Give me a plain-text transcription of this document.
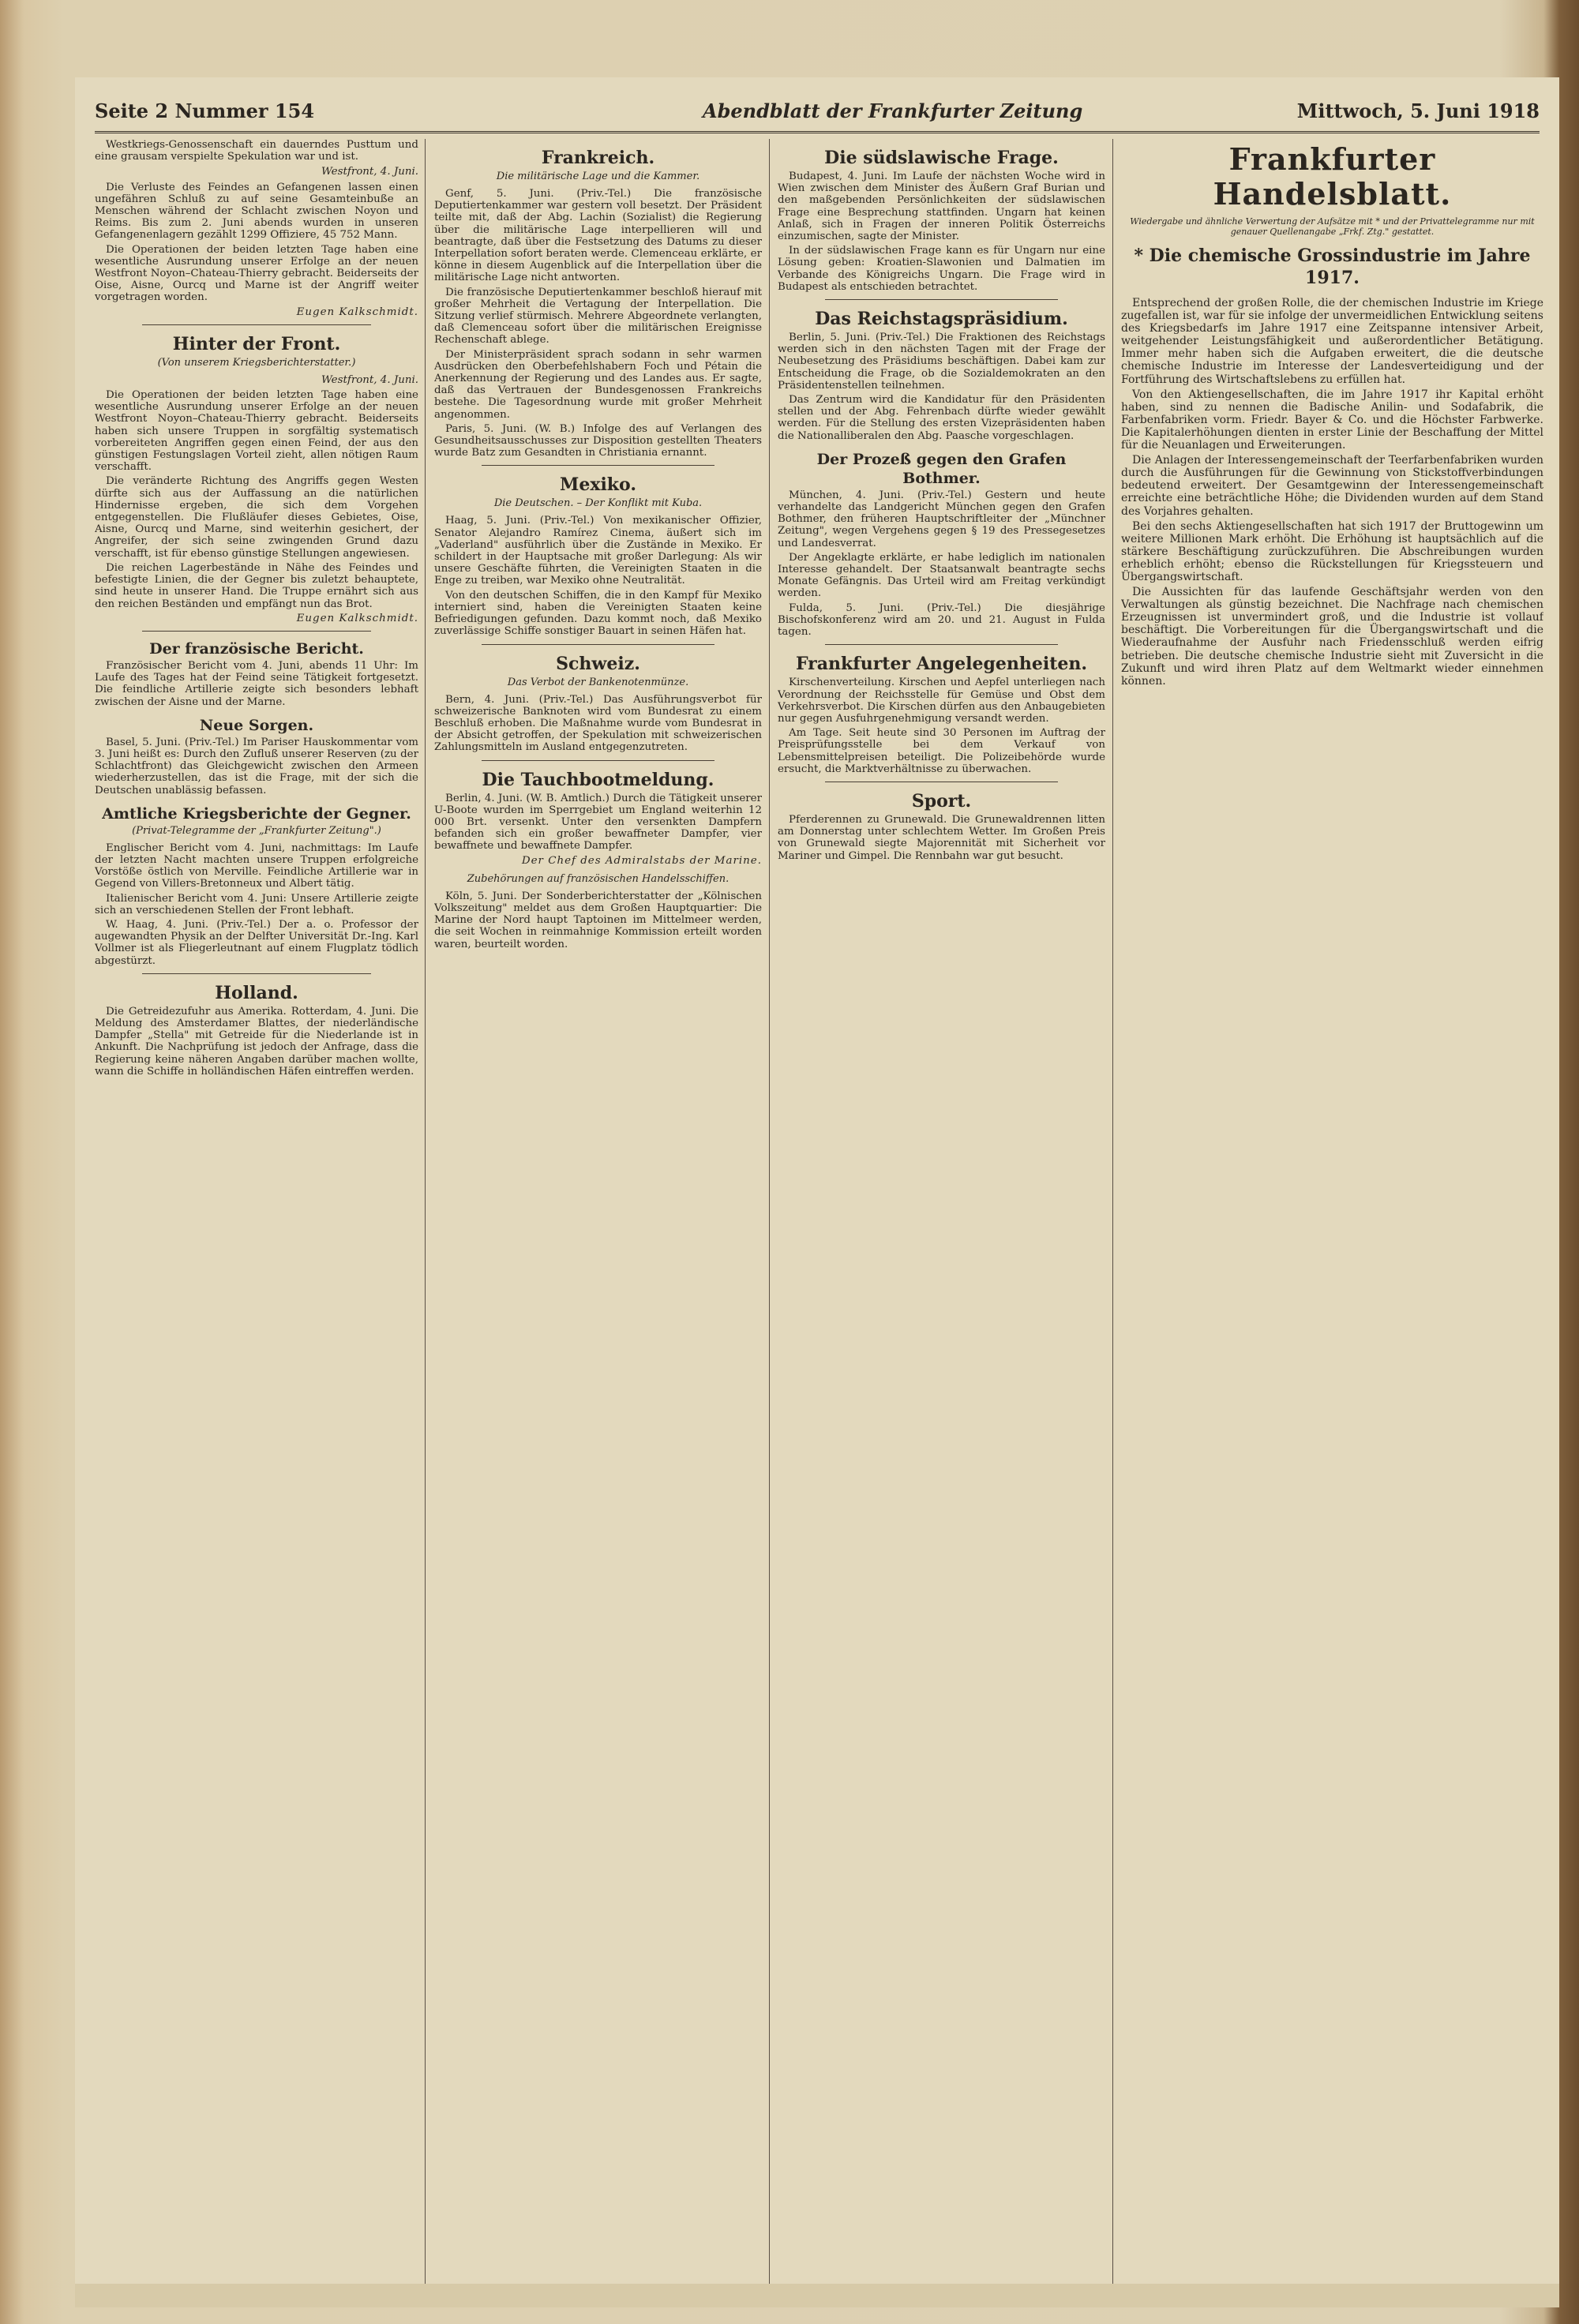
Seite 2 Nummer 154	Abendblatt der Frankfurter Zeitung	Mittwoch, 5. Juni 1918

Westkriegs-Genossenschaft ein dauerndes Pusttum und eine grausam verspielte Spekulation war und ist.

Westfront, 4. Juni.

Die Verluste des Feindes an Gefangenen lassen einen ungefähren Schluß zu auf seine Gesamteinbuße an Menschen während der Schlacht zwischen Noyon und Reims. Bis zum 2. Juni abends wurden in unseren Gefangenenlagern gezählt 1299 Offiziere, 45 752 Mann.

Die Operationen der beiden letzten Tage haben eine wesentliche Ausrundung unserer Erfolge an der neuen Westfront Noyon–Chateau-Thierry gebracht. Beiderseits der Oise, Aisne, Ourcq und Marne ist der Angriff weiter vorgetragen worden.

Eugen Kalkschmidt.
Hinter der Front.
(Von unserem Kriegsberichterstatter.)
Westfront, 4. Juni.

Die Operationen der beiden letzten Tage haben eine wesentliche Ausrundung unserer Erfolge an der neuen Westfront Noyon–Chateau-Thierry gebracht. Beiderseits haben sich unsere Truppen in sorgfältig systematisch vorbereiteten Angriffen gegen einen Feind, der aus den günstigen Festungslagen Vorteil zieht, allen nötigen Raum verschafft.

Die veränderte Richtung des Angriffs gegen Westen dürfte sich aus der Auffassung an die natürlichen Hindernisse ergeben, die sich dem Vorgehen entgegenstellen. Die Flußläufer dieses Gebietes, Oise, Aisne, Ourcq und Marne, sind weiterhin gesichert, der Angreifer, der sich seine zwingenden Grund dazu verschafft, ist für ebenso günstige Stellungen angewiesen.

Die reichen Lagerbestände in Nähe des Feindes und befestigte Linien, die der Gegner bis zuletzt behauptete, sind heute in unserer Hand. Die Truppe ernährt sich aus den reichen Beständen und empfängt nun das Brot.

Eugen Kalkschmidt.
Der französische Bericht.

Französischer Bericht vom 4. Juni, abends 11 Uhr: Im Laufe des Tages hat der Feind seine Tätigkeit fortgesetzt. Die feindliche Artillerie zeigte sich besonders lebhaft zwischen der Aisne und der Marne.

Neue Sorgen.

Basel, 5. Juni. (Priv.-Tel.) Im Pariser Hauskommentar vom 3. Juni heißt es: Durch den Zufluß unserer Reserven (zu der Schlachtfront) das Gleichgewicht zwischen den Armeen wiederherzustellen, das ist die Frage, mit der sich die Deutschen unablässig befassen.

Amtliche Kriegsberichte der Gegner.
(Privat-Telegramme der „Frankfurter Zeitung".)

Englischer Bericht vom 4. Juni, nachmittags: Im Laufe der letzten Nacht machten unsere Truppen erfolgreiche Vorstöße östlich von Merville. Feindliche Artillerie war in Gegend von Villers-Bretonneux und Albert tätig.

Italienischer Bericht vom 4. Juni: Unsere Artillerie zeigte sich an verschiedenen Stellen der Front lebhaft.

W. Haag, 4. Juni. (Priv.-Tel.) Der a. o. Professor der augewandten Physik an der Delfter Universität Dr.-Ing. Karl Vollmer ist als Fliegerleutnant auf einem Flugplatz tödlich abgestürzt.

Holland.

Die Getreidezufuhr aus Amerika. Rotterdam, 4. Juni. Die Meldung des Amsterdamer Blattes, der niederländische Dampfer „Stella" mit Getreide für die Niederlande ist in Ankunft. Die Nachprüfung ist jedoch der Anfrage, dass die Regierung keine näheren Angaben darüber machen wollte, wann die Schiffe in holländischen Häfen eintreffen werden.

Frankreich.
Die militärische Lage und die Kammer.

Genf, 5. Juni. (Priv.-Tel.) Die französische Deputiertenkammer war gestern voll besetzt. Der Präsident teilte mit, daß der Abg. Lachin (Sozialist) die Regierung über die militärische Lage interpellieren will und beantragte, daß über die Festsetzung des Datums zu dieser Interpellation sofort beraten werde. Clemenceau erklärte, er könne in diesem Augenblick auf die Interpellation über die militärische Lage nicht antworten.

Die französische Deputiertenkammer beschloß hierauf mit großer Mehrheit die Vertagung der Interpellation. Die Sitzung verlief stürmisch. Mehrere Abgeordnete verlangten, daß Clemenceau sofort über die militärischen Ereignisse Rechenschaft ablege.

Der Ministerpräsident sprach sodann in sehr warmen Ausdrücken den Oberbefehlshabern Foch und Pétain die Anerkennung der Regierung und des Landes aus. Er sagte, daß das Vertrauen der Bundesgenossen Frankreichs bestehe. Die Tagesordnung wurde mit großer Mehrheit angenommen.

Paris, 5. Juni. (W. B.) Infolge des auf Verlangen des Gesundheitsausschusses zur Disposition gestellten Theaters wurde Batz zum Gesandten in Christiania ernannt.

Mexiko.
Die Deutschen. – Der Konflikt mit Kuba.

Haag, 5. Juni. (Priv.-Tel.) Von mexikanischer Offizier, Senator Alejandro Ramírez Cinema, äußert sich im „Vaderland" ausführlich über die Zustände in Mexiko. Er schildert in der Hauptsache mit großer Darlegung: Als wir unsere Geschäfte führten, die Vereinigten Staaten in die Enge zu treiben, war Mexiko ohne Neutralität.

Von den deutschen Schiffen, die in den Kampf für Mexiko interniert sind, haben die Vereinigten Staaten keine Befriedigungen gefunden. Dazu kommt noch, daß Mexiko zuverlässige Schiffe sonstiger Bauart in seinen Häfen hat.

Schweiz.
Das Verbot der Bankenotenmünze.

Bern, 4. Juni. (Priv.-Tel.) Das Ausführungsverbot für schweizerische Banknoten wird vom Bundesrat zu einem Beschluß erhoben. Die Maßnahme wurde vom Bundesrat in der Absicht getroffen, der Spekulation mit schweizerischen Zahlungsmitteln im Ausland entgegenzutreten.

Die Tauchbootmeldung.

Berlin, 4. Juni. (W. B. Amtlich.) Durch die Tätigkeit unserer U-Boote wurden im Sperrgebiet um England weiterhin 12 000 Brt. versenkt. Unter den versenkten Dampfern befanden sich ein großer bewaffneter Dampfer, vier bewaffnete und bewaffnete Dampfer.

Der Chef des Admiralstabs der Marine.
Zubehörungen auf französischen Handelsschiffen.

Köln, 5. Juni. Der Sonderberichterstatter der „Kölnischen Volkszeitung" meldet aus dem Großen Hauptquartier: Die Marine der Nord haupt Taptoinen im Mittelmeer werden, die seit Wochen in reinmahnige Kommission erteilt worden waren, beurteilt worden.

Die südslawische Frage.

Budapest, 4. Juni. Im Laufe der nächsten Woche wird in Wien zwischen dem Minister des Äußern Graf Burian und den maßgebenden Persönlichkeiten der südslawischen Frage eine Besprechung stattfinden. Ungarn hat keinen Anlaß, sich in Fragen der inneren Politik Österreichs einzumischen, sagte der Minister.

In der südslawischen Frage kann es für Ungarn nur eine Lösung geben: Kroatien-Slawonien und Dalmatien im Verbande des Königreichs Ungarn. Die Frage wird in Budapest als entschieden betrachtet.

Das Reichstagspräsidium.

Berlin, 5. Juni. (Priv.-Tel.) Die Fraktionen des Reichstags werden sich in den nächsten Tagen mit der Frage der Neubesetzung des Präsidiums beschäftigen. Dabei kam zur Entscheidung die Frage, ob die Sozialdemokraten an den Präsidentenstellen teilnehmen.

Das Zentrum wird die Kandidatur für den Präsidenten stellen und der Abg. Fehrenbach dürfte wieder gewählt werden. Für die Stellung des ersten Vizepräsidenten haben die Nationalliberalen den Abg. Paasche vorgeschlagen.

Der Prozeß gegen den Grafen Bothmer.

München, 4. Juni. (Priv.-Tel.) Gestern und heute verhandelte das Landgericht München gegen den Grafen Bothmer, den früheren Hauptschriftleiter der „Münchner Zeitung", wegen Vergehens gegen § 19 des Pressegesetzes und Landesverrat.

Der Angeklagte erklärte, er habe lediglich im nationalen Interesse gehandelt. Der Staatsanwalt beantragte sechs Monate Gefängnis. Das Urteil wird am Freitag verkündigt werden.

Fulda, 5. Juni. (Priv.-Tel.) Die diesjährige Bischofskonferenz wird am 20. und 21. August in Fulda tagen.

Frankfurter Angelegenheiten.

Kirschenverteilung. Kirschen und Aepfel unterliegen nach Verordnung der Reichsstelle für Gemüse und Obst dem Verkehrsverbot. Die Kirschen dürfen aus den Anbaugebieten nur gegen Ausfuhrgenehmigung versandt werden.

Am Tage. Seit heute sind 30 Personen im Auftrag der Preisprüfungsstelle bei dem Verkauf von Lebensmittelpreisen beteiligt. Die Polizeibehörde wurde ersucht, die Marktverhältnisse zu überwachen.

Sport.

Pferderennen zu Grunewald. Die Grunewaldrennen litten am Donnerstag unter schlechtem Wetter. Im Großen Preis von Grunewald siegte Majorennität mit Sicherheit vor Mariner und Gimpel. Die Rennbahn war gut besucht.

Frankfurter Handelsblatt.
Wiedergabe und ähnliche Verwertung der Aufsätze mit * und der Privattelegramme nur mit genauer Quellenangabe „Frkf. Ztg." gestattet.
* Die chemische Grossindustrie im Jahre 1917.

Entsprechend der großen Rolle, die der chemischen Industrie im Kriege zugefallen ist, war für sie infolge der unvermeidlichen Entwicklung seitens des Kriegsbedarfs im Jahre 1917 eine Zeitspanne intensiver Arbeit, weitgehender Leistungsfähigkeit und außerordentlicher Betätigung. Immer mehr haben sich die Aufgaben erweitert, die die deutsche chemische Industrie im Interesse der Landesverteidigung und der Fortführung des Wirtschaftslebens zu erfüllen hat.

Von den Aktiengesellschaften, die im Jahre 1917 ihr Kapital erhöht haben, sind zu nennen die Badische Anilin- und Sodafabrik, die Farbenfabriken vorm. Friedr. Bayer & Co. und die Höchster Farbwerke. Die Kapitalerhöhungen dienten in erster Linie der Beschaffung der Mittel für die Neuanlagen und Erweiterungen.

Die Anlagen der Interessengemeinschaft der Teerfarbenfabriken wurden durch die Ausführungen für die Gewinnung von Stickstoffverbindungen bedeutend erweitert. Der Gesamtgewinn der Interessengemeinschaft erreichte eine beträchtliche Höhe; die Dividenden wurden auf dem Stand des Vorjahres gehalten.

Bei den sechs Aktiengesellschaften hat sich 1917 der Bruttogewinn um weitere Millionen Mark erhöht. Die Erhöhung ist hauptsächlich auf die stärkere Beschäftigung zurückzuführen. Die Abschreibungen wurden erheblich erhöht; ebenso die Rückstellungen für Kriegssteuern und Übergangswirtschaft.

Die Aussichten für das laufende Geschäftsjahr werden von den Verwaltungen als günstig bezeichnet. Die Nachfrage nach chemischen Erzeugnissen ist unvermindert groß, und die Industrie ist vollauf beschäftigt. Die Vorbereitungen für die Übergangswirtschaft und die Wiederaufnahme der Ausfuhr nach Friedensschluß werden eifrig betrieben. Die deutsche chemische Industrie sieht mit Zuversicht in die Zukunft und wird ihren Platz auf dem Weltmarkt wieder einnehmen können.
